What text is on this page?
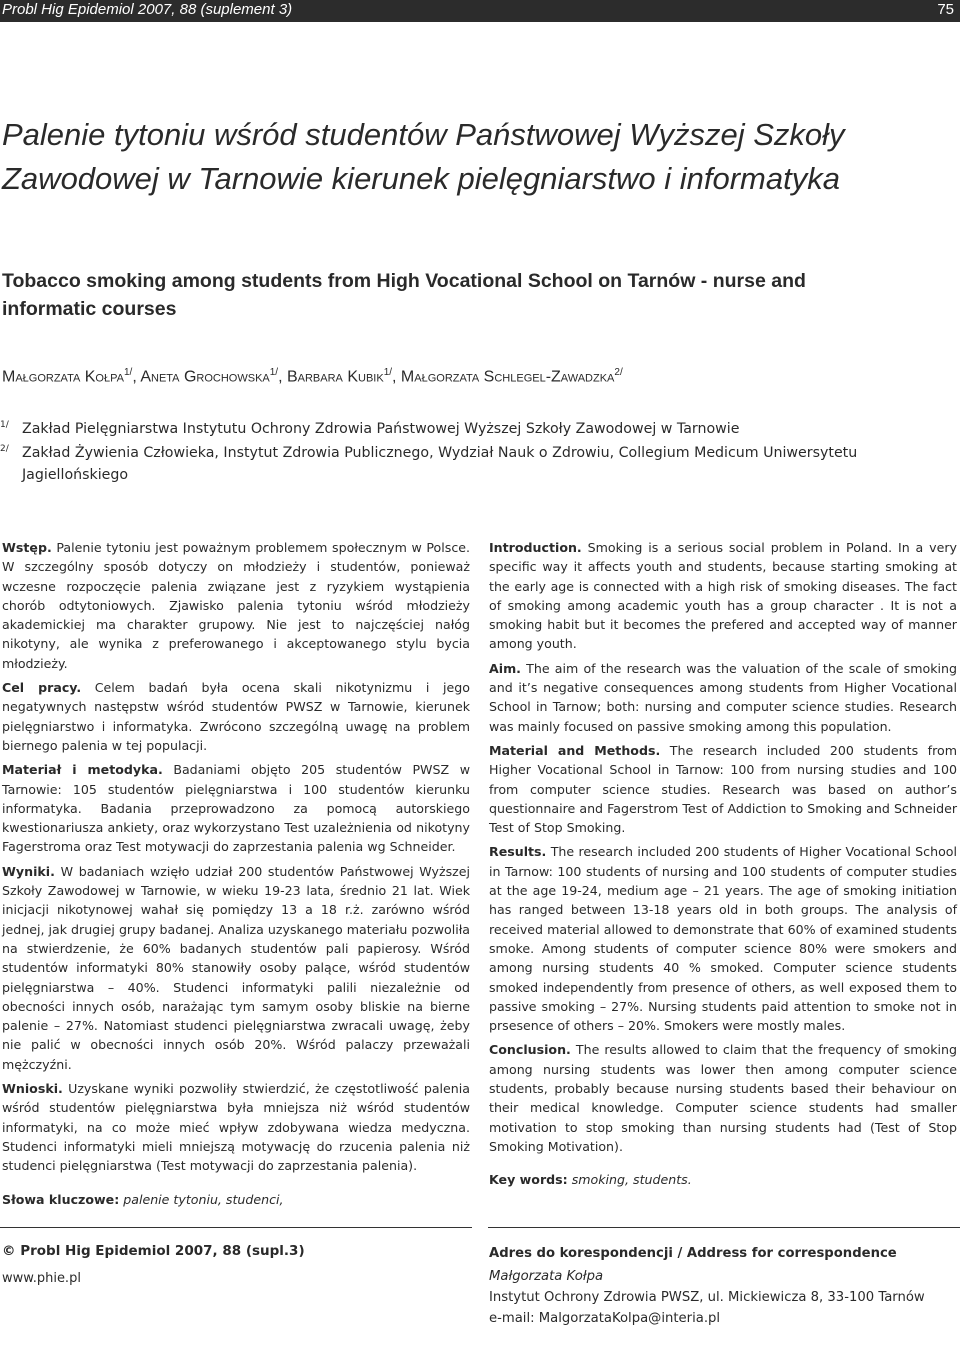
Probl Hig Epidemiol 2007, 88 (suplement 3)	75
Palenie tytoniu wśród studentów Państwowej Wyższej Szkoły Zawodowej w Tarnowie kierunek pielęgniarstwo i informatyka
Tobacco smoking among students from High Vocational School on Tarnów - nurse and informatic courses
Małgorzata Kołpa$^{1/}$, Aneta Grochowska$^{1/}$, Barbara Kubik$^{1/}$, Małgorzata Schlegel-Zawadzka$^{2/}$
1/ Zakład Pielęgniarstwa Instytutu Ochrony Zdrowia Państwowej Wyższej Szkoły Zawodowej w Tarnowie
2/ Zakład Żywienia Człowieka, Instytut Zdrowia Publicznego, Wydział Nauk o Zdrowiu, Collegium Medicum Uniwersytetu Jagiellońskiego

Wstęp. Palenie tytoniu jest poważnym problemem społecznym w Polsce. W szczególny sposób dotyczy on młodzieży i studentów, ponieważ wczesne rozpoczęcie palenia związane jest z ryzykiem wystąpienia chorób odtytoniowych. Zjawisko palenia tytoniu wśród młodzieży akademickiej ma charakter grupowy. Nie jest to najczęściej nałóg nikotyny, ale wynika z preferowanego i akceptowanego stylu bycia młodzieży.

Cel pracy. Celem badań była ocena skali nikotynizmu i jego negatywnych następstw wśród studentów PWSZ w Tarnowie, kierunek pielęgniarstwo i informatyka. Zwrócono szczególną uwagę na problem biernego palenia w tej populacji.

Materiał i metodyka. Badaniami objęto 205 studentów PWSZ w Tarnowie: 105 studentów pielęgniarstwa i 100 studentów kierunku informatyka. Badania przeprowadzono za pomocą autorskiego kwestionariusza ankiety, oraz wykorzystano Test uzależnienia od nikotyny Fagerstroma oraz Test motywacji do zaprzestania palenia wg Schneider.

Wyniki. W badaniach wzięło udział 200 studentów Państwowej Wyższej Szkoły Zawodowej w Tarnowie, w wieku 19-23 lata, średnio 21 lat. Wiek inicjacji nikotynowej wahał się pomiędzy 13 a 18 r.ż. zarówno wśród jednej, jak drugiej grupy badanej. Analiza uzyskanego materiału pozwoliła na stwierdzenie, że 60% badanych studentów pali papierosy. Wśród studentów informatyki 80% stanowiły osoby palące, wśród studentów pielęgniarstwa – 40%. Studenci informatyki palili niezależnie od obecności innych osób, narażając tym samym osoby bliskie na bierne palenie – 27%. Natomiast studenci pielęgniarstwa zwracali uwagę, żeby nie palić w obecności innych osób 20%. Wśród palaczy przeważali mężczyźni.

Wnioski. Uzyskane wyniki pozwoliły stwierdzić, że częstotliwość palenia wśród studentów pielęgniarstwa była mniejsza niż wśród studentów informatyki, na co może mieć wpływ zdobywana wiedza medyczna. Studenci informatyki mieli mniejszą motywację do rzucenia palenia niż studenci pielęgniarstwa (Test motywacji do zaprzestania palenia).

Słowa kluczowe: palenie tytoniu, studenci,

Introduction. Smoking is a serious social problem in Poland. In a very specific way it affects youth and students, because starting smoking at the early age is connected with a high risk of smoking diseases. The fact of smoking among academic youth has a group character . It is not a smoking habit but it becomes the prefered and accepted way of manner among youth.

Aim. The aim of the research was the valuation of the scale of smoking and it’s negative consequences among students from Higher Vocational School in Tarnow; both: nursing and computer science studies. Research was mainly focused on passive smoking among this population.

Material and Methods. The research included 200 students from Higher Vocational School in Tarnow: 100 from nursing studies and 100 from computer science studies. Research was based on author’s questionnaire and Fagerstrom Test of Addiction to Smoking and Schneider Test of Stop Smoking.

Results. The research included 200 students of Higher Vocational School in Tarnow: 100 students of nursing and 100 students of computer studies at the age 19-24, medium age – 21 years. The age of smoking initiation has ranged between 13-18 years old in both groups. The analysis of received material allowed to demonstrate that 60% of examined students smoke. Among students of computer science 80% were smokers and among nursing students 40 % smoked. Computer science students smoked independently from presence of others, as well exposed them to passive smoking – 27%. Nursing students paid attention to smoke not in prsesence of others – 20%. Smokers were mostly males.

Conclusion. The results allowed to claim that the frequency of smoking among nursing students was lower then among computer science students, probably because nursing students based their behaviour on their medical knowledge. Computer science students had smaller motivation to stop smoking than nursing students had (Test of Stop Smoking Motivation).

Key words: smoking, students.

© Probl Hig Epidemiol 2007, 88 (supl.3)
www.phie.pl
Adres do korespondencji / Address for correspondence
Małgorzata Kołpa
Instytut Ochrony Zdrowia PWSZ, ul. Mickiewicza 8, 33-100 Tarnów
e-mail: MalgorzataKolpa@interia.pl
